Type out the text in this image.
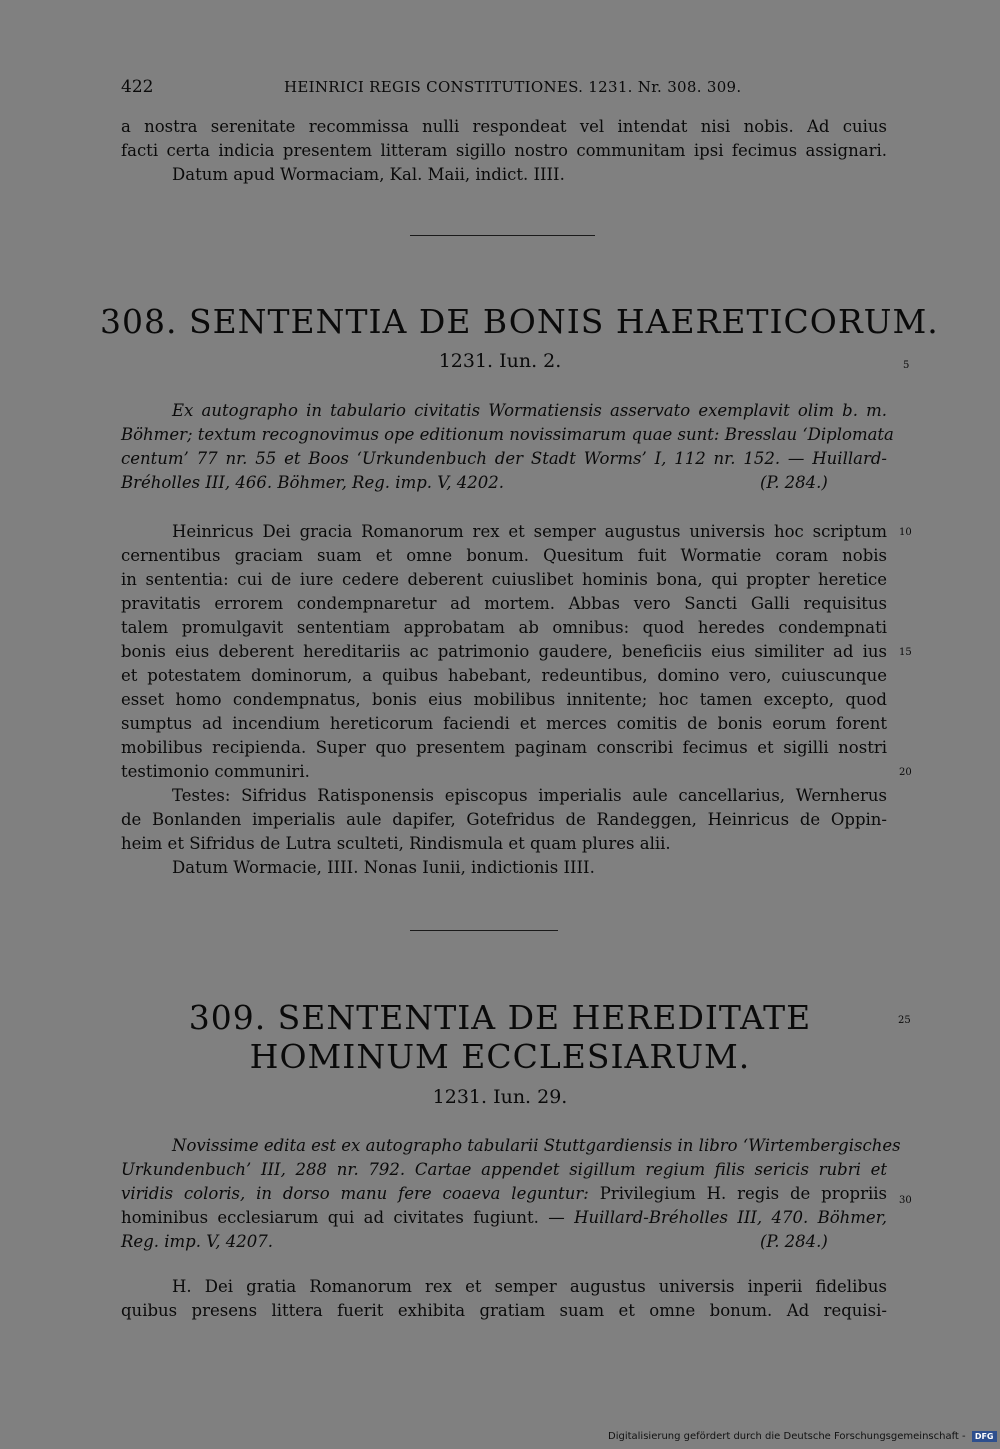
422	HEINRICI REGIS CONSTITUTIONES. 1231. Nr. 308. 309.
a nostra serenitate recommissa nulli respondeat vel intendat nisi nobis. Ad cuius
facti certa indicia presentem litteram sigillo nostro communitam ipsi fecimus assignari.
Datum apud Wormaciam, Kal. Maii, indict. IIII.
308. SENTENTIA DE BONIS HAERETICORUM.
1231. Iun. 2.	5
Ex autographo in tabulario civitatis Wormatiensis asservato exemplavit olim b. m.
Böhmer; textum recognovimus ope editionum novissimarum quae sunt: Bresslau ‘Diplomata
centum’ 77 nr. 55 et Boos ‘Urkundenbuch der Stadt Worms’ I, 112 nr. 152. — Huillard-
Bréholles III, 466. Böhmer, Reg. imp. V, 4202.	(P. 284.)
Heinricus Dei gracia Romanorum rex et semper augustus universis hoc scriptum 10
cernentibus graciam suam et omne bonum. Quesitum fuit Wormatie coram nobis
in sententia: cui de iure cedere deberent cuiuslibet hominis bona, qui propter heretice
pravitatis errorem condempnaretur ad mortem. Abbas vero Sancti Galli requisitus
talem promulgavit sententiam approbatam ab omnibus: quod heredes condempnati
bonis eius deberent hereditariis ac patrimonio gaudere, beneficiis eius similiter ad ius 15
et potestatem dominorum, a quibus habebant, redeuntibus, domino vero, cuiuscunque
esset homo condempnatus, bonis eius mobilibus innitente; hoc tamen excepto, quod
sumptus ad incendium hereticorum faciendi et merces comitis de bonis eorum forent
mobilibus recipienda. Super quo presentem paginam conscribi fecimus et sigilli nostri
testimonio communiri.	20
Testes: Sifridus Ratisponensis episcopus imperialis aule cancellarius, Wernherus
de Bonlanden imperialis aule dapifer, Gotefridus de Randeggen, Heinricus de Oppin-
heim et Sifridus de Lutra sculteti, Rindismula et quam plures alii.
Datum Wormacie, IIII. Nonas Iunii, indictionis IIII.
309. SENTENTIA DE HEREDITATE	25
HOMINUM ECCLESIARUM.
1231. Iun. 29.
Novissime edita est ex autographo tabularii Stuttgardiensis in libro ‘Wirtembergisches
Urkundenbuch’ III, 288 nr. 792. Cartae appendet sigillum regium filis sericis rubri et
viridis coloris, in dorso manu fere coaeva leguntur: Privilegium H. regis de propriis 30
hominibus ecclesiarum qui ad civitates fugiunt. — Huillard-Bréholles III, 470. Böhmer,
Reg. imp. V, 4207.	(P. 284.)
H. Dei gratia Romanorum rex et semper augustus universis inperii fidelibus
quibus presens littera fuerit exhibita gratiam suam et omne bonum. Ad requisi-
Digitalisierung gefördert durch die Deutsche Forschungsgemeinschaft - DFG
